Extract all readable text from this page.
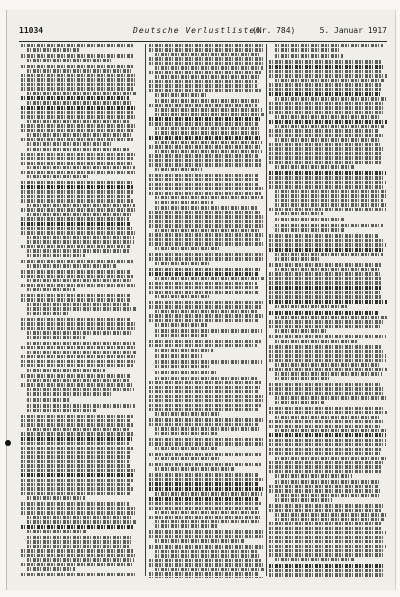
11034	Deutsche Verlustlisten
(Nr. 784)	5. Januar 1917
